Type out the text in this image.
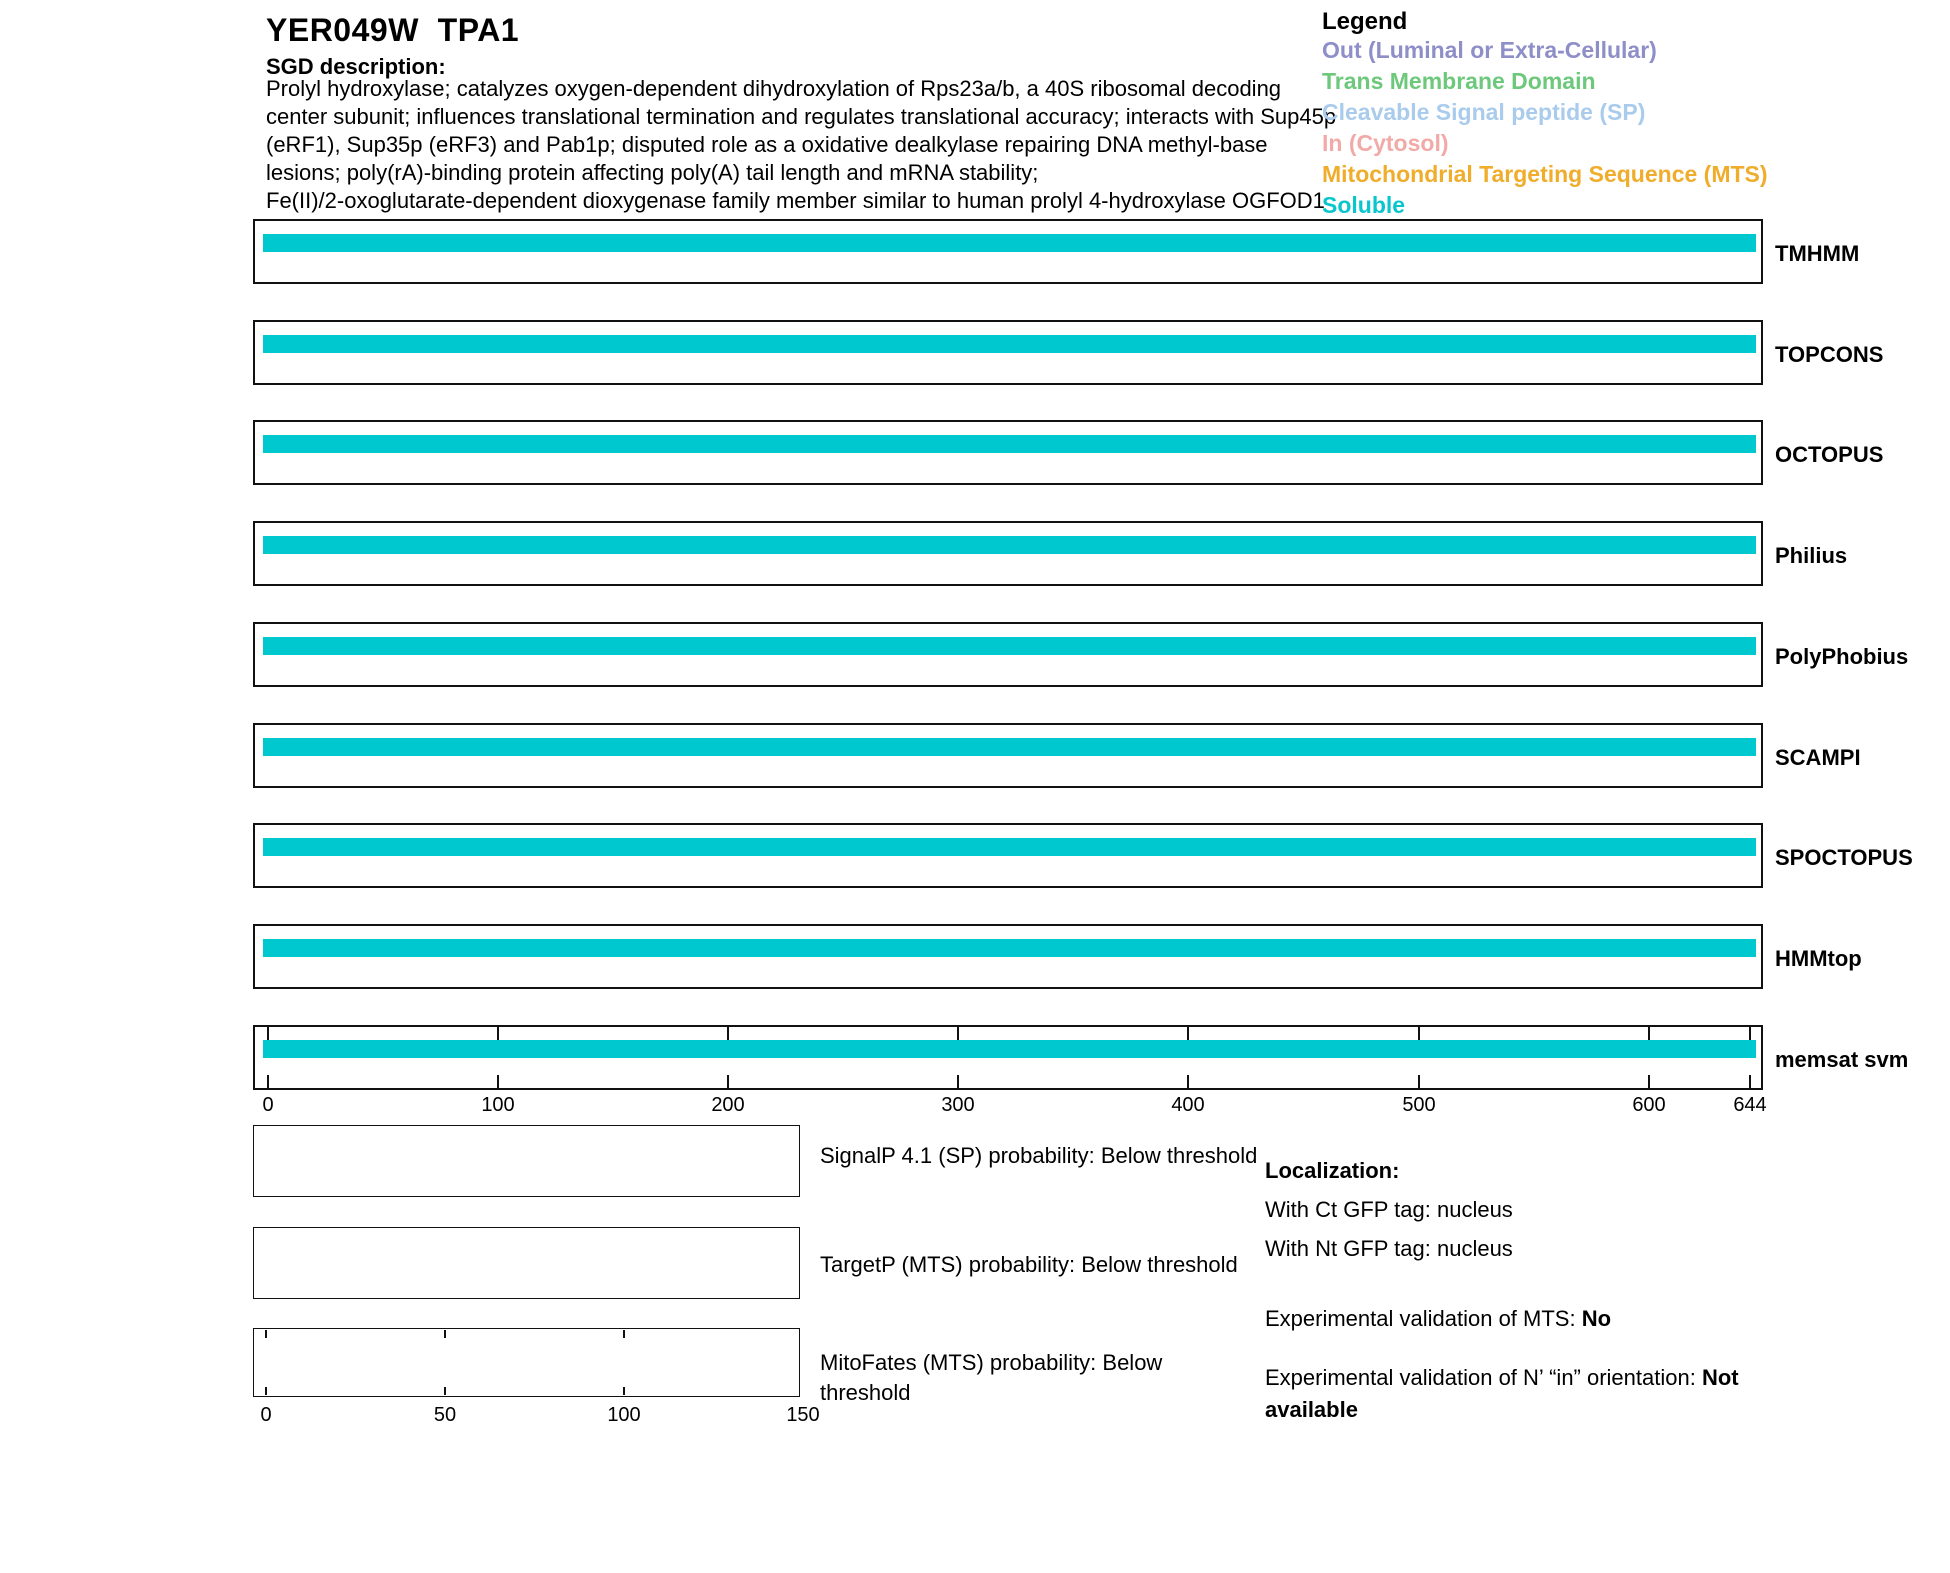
YER049W  TPA1
SGD description:
Prolyl hydroxylase; catalyzes oxygen-dependent dihydroxylation of Rps23a/b, a 40S ribosomal decoding
center subunit; influences translational termination and regulates translational accuracy; interacts with Sup45p
(eRF1), Sup35p (eRF3) and Pab1p; disputed role as a oxidative dealkylase repairing DNA methyl-base
lesions; poly(rA)-binding protein affecting poly(A) tail length and mRNA stability;
Fe(II)/2-oxoglutarate-dependent dioxygenase family member similar to human prolyl 4-hydroxylase OGFOD1
Legend
Out (Luminal or Extra-Cellular)
Trans Membrane Domain
Cleavable Signal peptide (SP)
In (Cytosol)
Mitochondrial Targeting Sequence (MTS)
Soluble
TMHMM
TOPCONS
OCTOPUS
Philius
PolyPhobius
SCAMPI
SPOCTOPUS
HMMtop
memsat svm
SignalP 4.1 (SP) probability: Below threshold
TargetP (MTS) probability: Below threshold
MitoFates (MTS) probability: Below threshold
Localization:
With Ct GFP tag: nucleus
With Nt GFP tag: nucleus
Experimental validation of MTS: No
Experimental validation of N’ “in” orientation: Not available
0	100	200	300	400	500	600	644
0	50	100	150
